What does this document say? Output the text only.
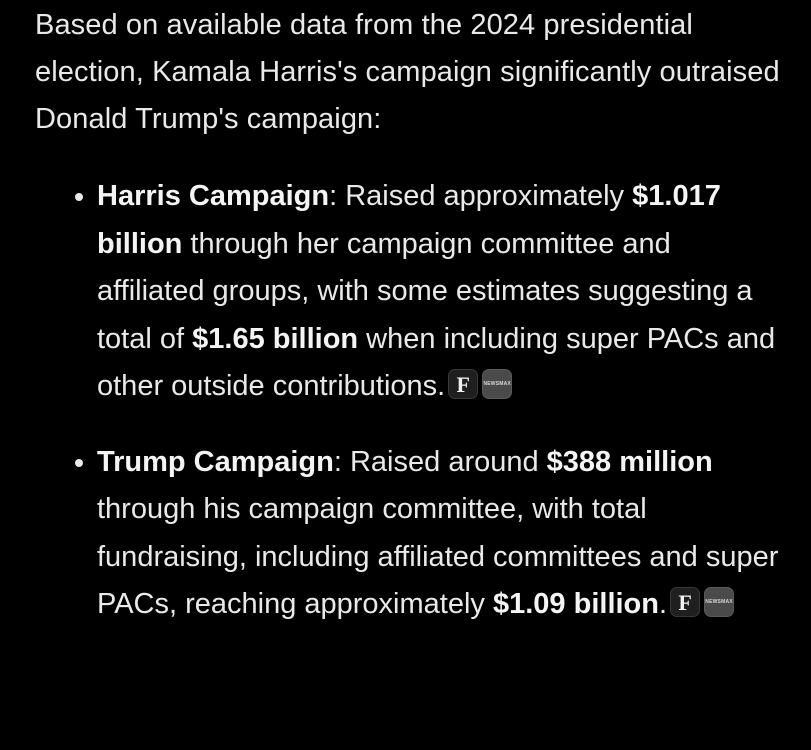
Based on available data from the 2024 presidential election, Kamala Harris's campaign significantly outraised Donald Trump's campaign:

Harris Campaign: Raised approximately $1.017 billion through her campaign committee and affiliated groups, with some estimates suggesting a total of $1.65 billion when including super PACs and other outside contributions. F	NEWSMAX
Trump Campaign: Raised around $388 million through his campaign committee, with total fundraising, including affiliated committees and super PACs, reaching approximately $1.09 billion. F	NEWSMAX
